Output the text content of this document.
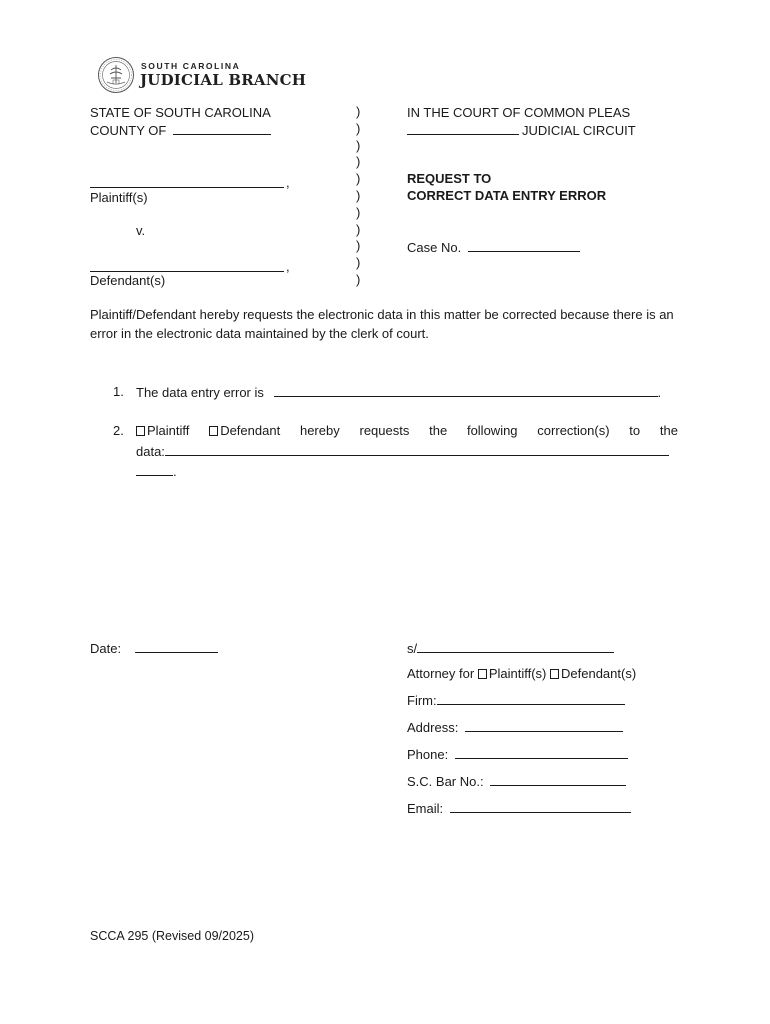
SOUTH CAROLINA
JUDICIAL BRANCH
STATE OF SOUTH CAROLINA
COUNTY OF
,
Plaintiff(s)
v.
,
Defendant(s)
)
)
)
)
)
)
)
)
)
)
)
IN THE COURT OF COMMON PLEAS
JUDICIAL CIRCUIT
REQUEST TO
CORRECT DATA ENTRY ERROR
Case No.
Plaintiff/Defendant hereby requests the electronic data in this matter be corrected because there is an error in the electronic data maintained by the clerk of court.
1. The data entry error is	.
2.	Plaintiff Defendant hereby requests the following correction(s) to the
data:
.
Date:	s/
Attorney for Plaintiff(s) Defendant(s)
Firm:
Address:
Phone:
S.C. Bar No.:
Email:
SCCA 295 (Revised 09/2025)
